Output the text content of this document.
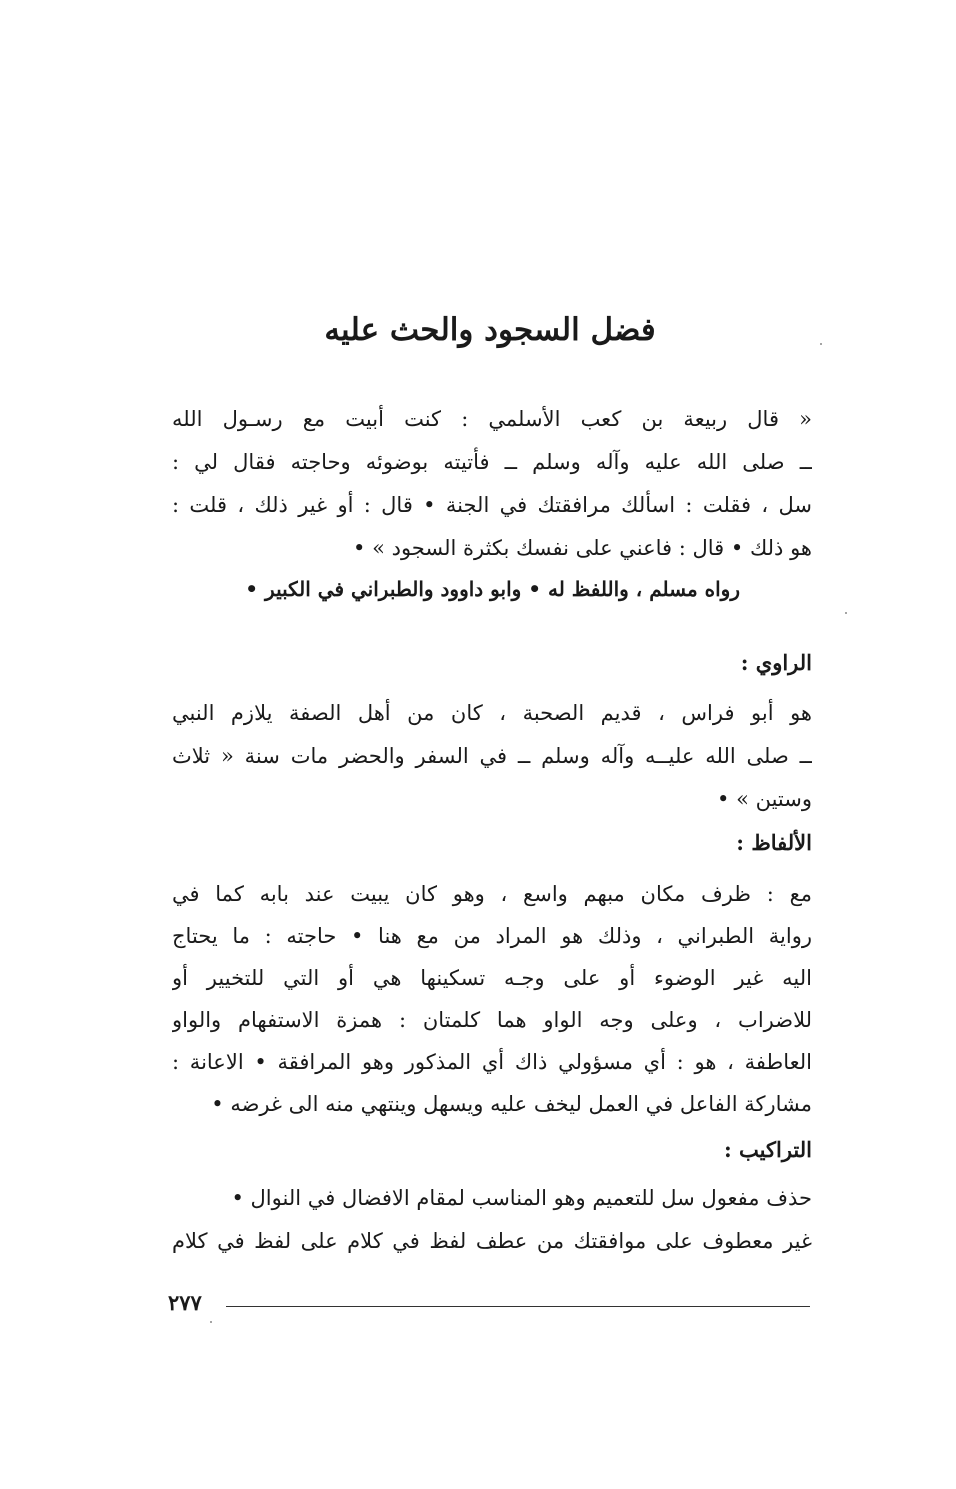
فضل السجود والحث عليه
« قال ربيعة بن كعب الأسلمي : كنت أبيت مع رسـول الله
ــ صلى الله عليه وآله وسلم ــ فأتيته بوضوئه وحاجته فقال لي :
سل ، فقلت : اسألك مرافقتك في الجنة • قال : أو غير ذلك ، قلت :
هو ذلك • قال : فاعني على نفسك بكثرة السجود » •
رواه مسلم ، واللفظ له • وابو داوود والطبراني في الكبير •
الراوي :
هو أبو فراس ، قديم الصحبة ، كان من أهل الصفة يلازم النبي
ــ صلى الله عليــه وآله وسلم ــ في السفر والحضر مات سنة « ثلاث
وستين » •
الألفاظ :
مع : ظرف مكان مبهم واسع ، وهو كان يبيت عند بابه كما في
رواية الطبراني ، وذلك هو المراد من مع هنا • حاجته : ما يحتاج
اليه غير الوضوء أو على وجـه تسكينها هي أو التي للتخيير أو
للاضراب ، وعلى وجه الواو هما كلمتان : همزة الاستفهام والواو
العاطفة ، هو : أي مسؤولي ذاك أي المذكور وهو المرافقة • الاعانة :
مشاركة الفاعل في العمل ليخف عليه ويسهل وينتهي منه الى غرضه •
التراكيب :
حذف مفعول سل للتعميم وهو المناسب لمقام الافضال في النوال •
غير معطوف على موافقتك من عطف لفظ في كلام على لفظ في كلام
٢٧٧
